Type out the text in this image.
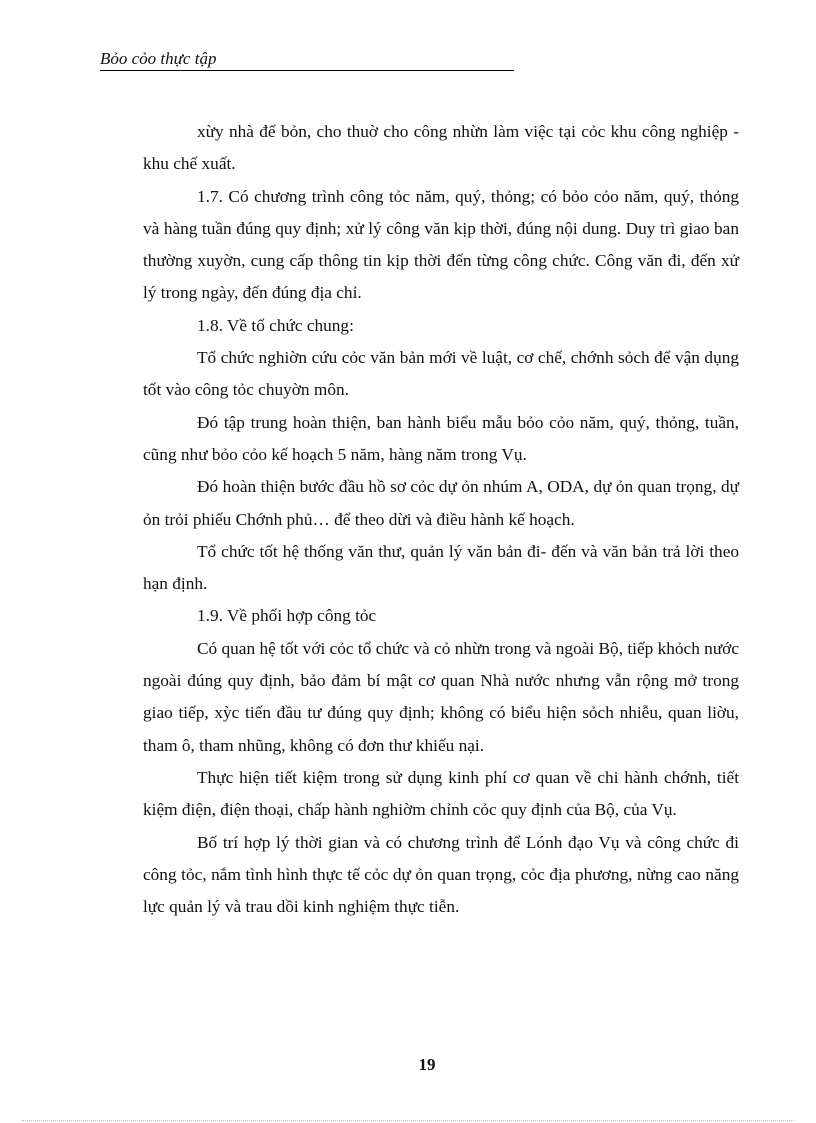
Bỏo cỏo thực tập

xừy nhà để bỏn, cho thuờ cho công nhừn làm việc tại cỏc khu công nghiệp - khu chế xuất.

1.7. Có chương trình công tỏc năm, quý, thỏng; có bỏo cỏo năm, quý, thỏng và hàng tuần đúng quy định; xử lý công văn kịp thời, đúng nội dung. Duy trì giao ban thường xuyờn, cung cấp thông tin kịp thời đến từng công chức. Công văn đi, đến xử lý trong ngày, đến đúng địa chỉ.

1.8. Về tổ chức chung:

Tổ chức nghiờn cứu cỏc văn bản mới về luật, cơ chế, chớnh sỏch để vận dụng tốt vào công tỏc chuyờn môn.

Đó tập trung hoàn thiện, ban hành biểu mẫu bỏo cỏo năm, quý, thỏng, tuần, cũng như bỏo cỏo kế hoạch 5 năm, hàng năm trong Vụ.

Đó hoàn thiện bước đầu hồ sơ cỏc dự ỏn nhúm A, ODA, dự ỏn quan trọng, dự ỏn trỏi phiếu Chớnh phủ… để theo dừi và điều hành kế hoạch.

Tổ chức tốt hệ thống văn thư, quản lý văn bản đi- đến và văn bản trả lời theo hạn định.

1.9. Về phối hợp công tỏc

Có quan hệ tốt với cỏc tổ chức và cỏ nhừn trong và ngoài Bộ, tiếp khỏch nước ngoài đúng quy định, bảo đảm bí mật cơ quan Nhà nước nhưng vẫn rộng mở trong giao tiếp, xỳc tiến đầu tư đúng quy định; không có biểu hiện sỏch nhiễu, quan liờu, tham ô, tham nhũng, không có đơn thư khiếu nại.

Thực hiện tiết kiệm trong sử dụng kinh phí cơ quan về chi hành chớnh, tiết kiệm điện, điện thoại, chấp hành nghiờm chỉnh cỏc quy định của Bộ, của Vụ.

Bố trí hợp lý thời gian và có chương trình để Lónh đạo Vụ và công chức đi công tỏc, nắm tình hình thực tế cỏc dự ỏn quan trọng, cỏc địa phương, nừng cao năng lực quản lý và trau dồi kinh nghiệm thực tiễn.

19
